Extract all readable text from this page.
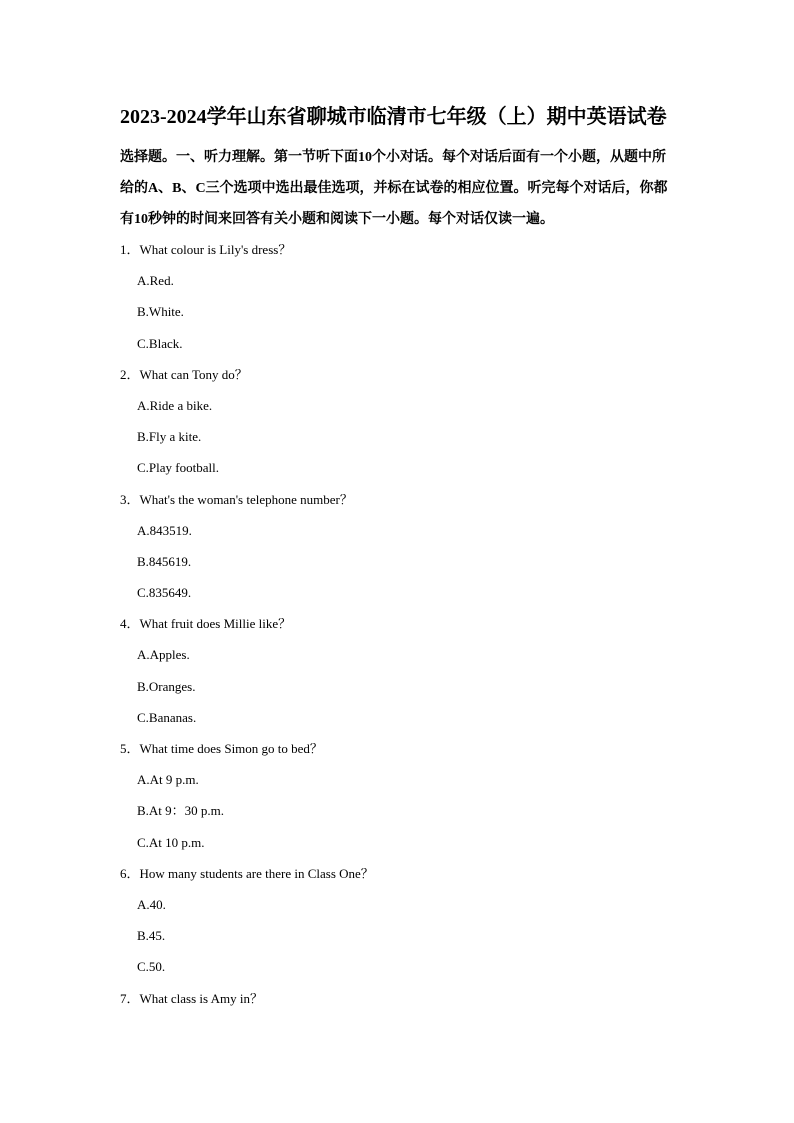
2023-2024学年山东省聊城市临清市七年级（上）期中英语试卷
选择题。一、听力理解。第一节听下面10个小对话。每个对话后面有一个小题，从题中所
给的A、B、C三个选项中选出最佳选项，并标在试卷的相应位置。听完每个对话后，你都
有10秒钟的时间来回答有关小题和阅读下一小题。每个对话仅读一遍。
1．What colour is Lily's dress？
A.Red.
B.White.
C.Black.
2．What can Tony do？
A.Ride a bike.
B.Fly a kite.
C.Play football.
3．What's the woman's telephone number？
A.843519.
B.845619.
C.835649.
4．What fruit does Millie like？
A.Apples.
B.Oranges.
C.Bananas.
5．What time does Simon go to bed？
A.At 9 p.m.
B.At 9：30 p.m.
C.At 10 p.m.
6．How many students are there in Class One？
A.40.
B.45.
C.50.
7．What class is Amy in？
